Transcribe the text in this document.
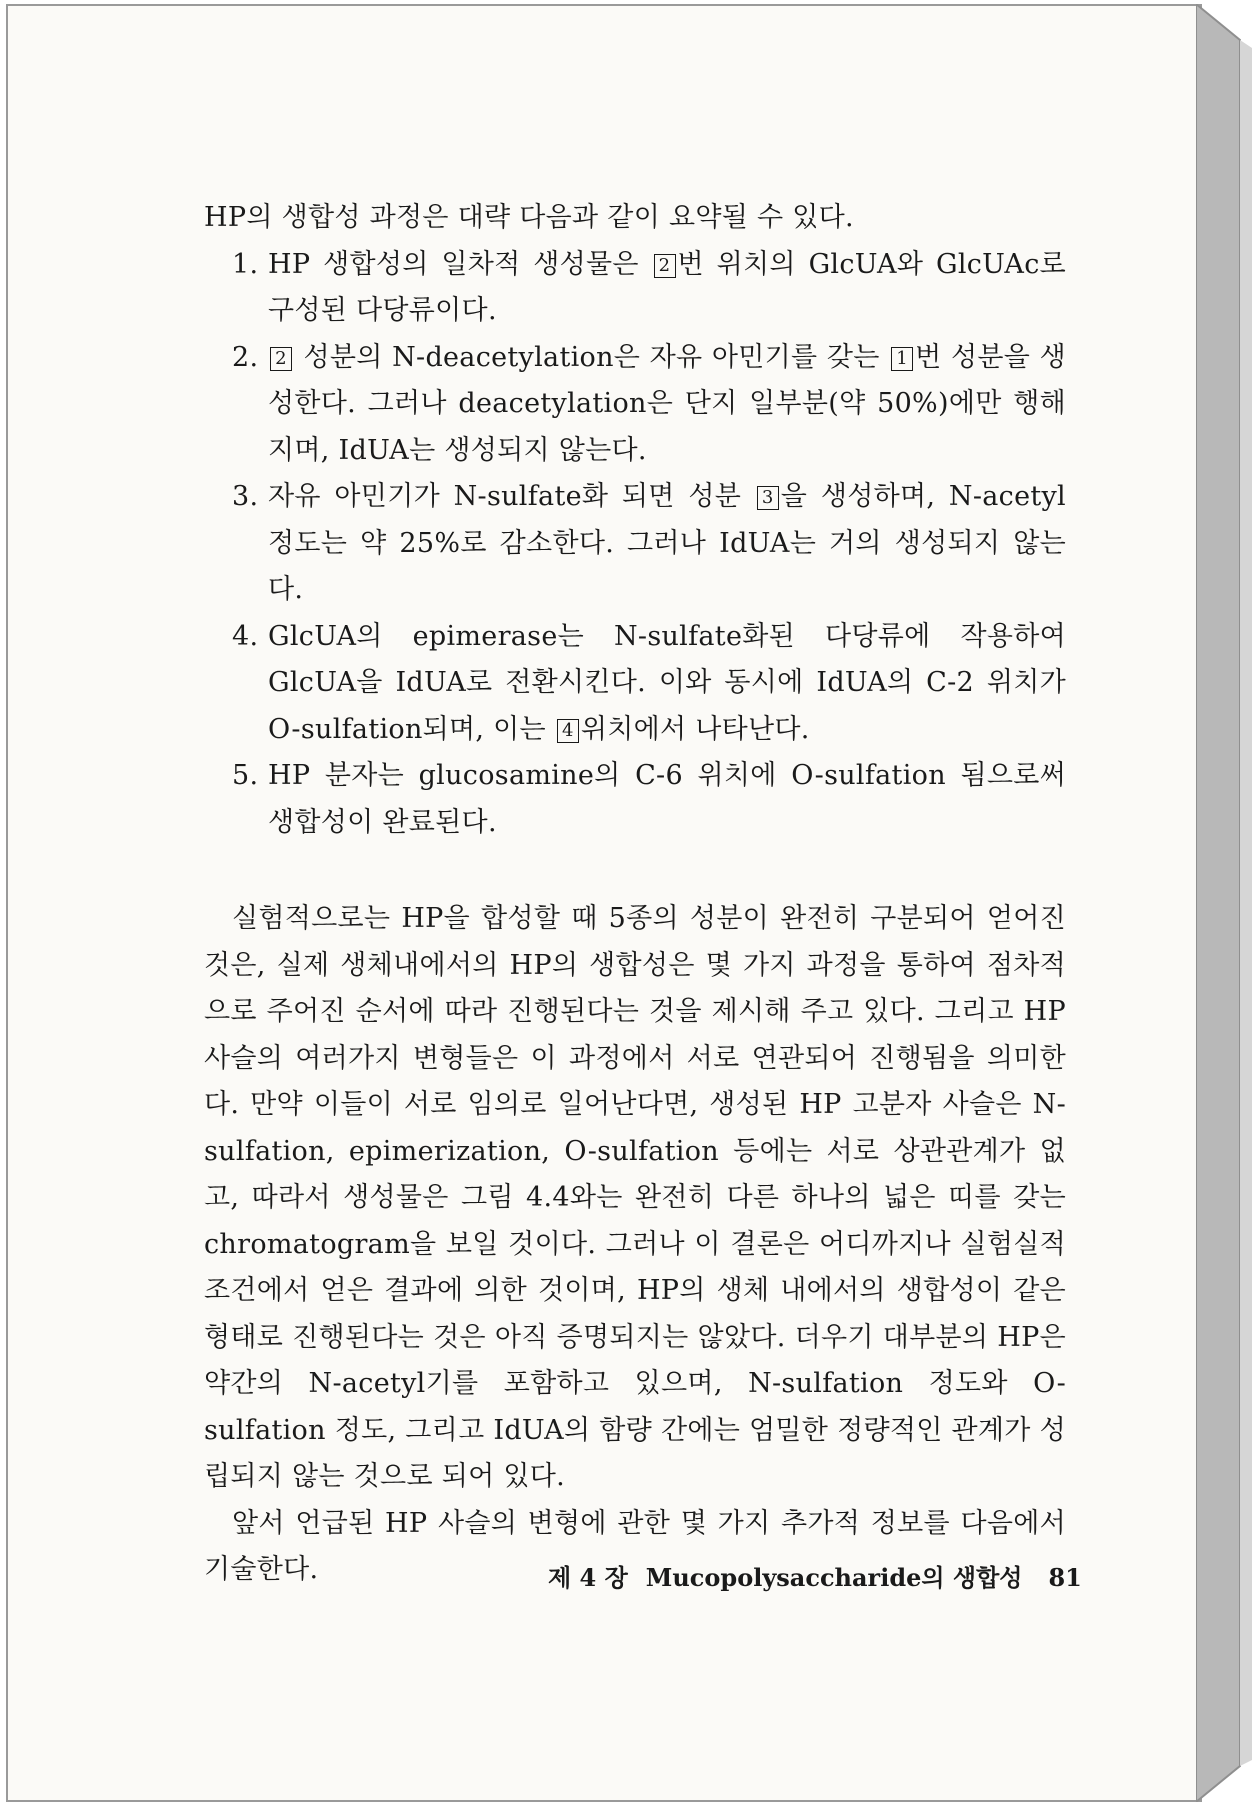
HP의 생합성 과정은 대략 다음과 같이 요약될 수 있다.

1. HP 생합성의 일차적 생성물은 2 번 위치의 GlcUA와 GlcUAc로 구성된 다당류이다.
2. 2 성분의 N-deacetylation은 자유 아민기를 갖는 1 번 성분을 생성한다. 그러나 deacetylation은 단지 일부분(약 50%)에만 행해지며, IdUA는 생성되지 않는다.
3. 자유 아민기가 N-sulfate화 되면 성분 3 을 생성하며, N-acetyl 정도는 약 25%로 감소한다. 그러나 IdUA는 거의 생성되지 않는다.
4. GlcUA의 epimerase는 N-sulfate화된 다당류에 작용하여 GlcUA을 IdUA로 전환시킨다. 이와 동시에 IdUA의 C-2 위치가 O-sulfation되며, 이는 4 위치에서 나타난다.
5. HP 분자는 glucosamine의 C-6 위치에 O-sulfation 됨으로써 생합성이 완료된다.

실험적으로는 HP을 합성할 때 5종의 성분이 완전히 구분되어 얻어진 것은, 실제 생체내에서의 HP의 생합성은 몇 가지 과정을 통하여 점차적으로 주어진 순서에 따라 진행된다는 것을 제시해 주고 있다. 그리고 HP 사슬의 여러가지 변형들은 이 과정에서 서로 연관되어 진행됨을 의미한다. 만약 이들이 서로 임의로 일어난다면, 생성된 HP 고분자 사슬은 N-sulfation, epimerization, O-sulfation 등에는 서로 상관관계가 없고, 따라서 생성물은 그림 4.4와는 완전히 다른 하나의 넓은 띠를 갖는 chromatogram을 보일 것이다. 그러나 이 결론은 어디까지나 실험실적 조건에서 얻은 결과에 의한 것이며, HP의 생체 내에서의 생합성이 같은 형태로 진행된다는 것은 아직 증명되지는 않았다. 더우기 대부분의 HP은 약간의 N-acetyl기를 포함하고 있으며, N-sulfation 정도와 O-sulfation 정도, 그리고 IdUA의 함량 간에는 엄밀한 정량적인 관계가 성립되지 않는 것으로 되어 있다.

앞서 언급된 HP 사슬의 변형에 관한 몇 가지 추가적 정보를 다음에서 기술한다.	제 4 장 Mucopolysaccharide의 생합성 81
